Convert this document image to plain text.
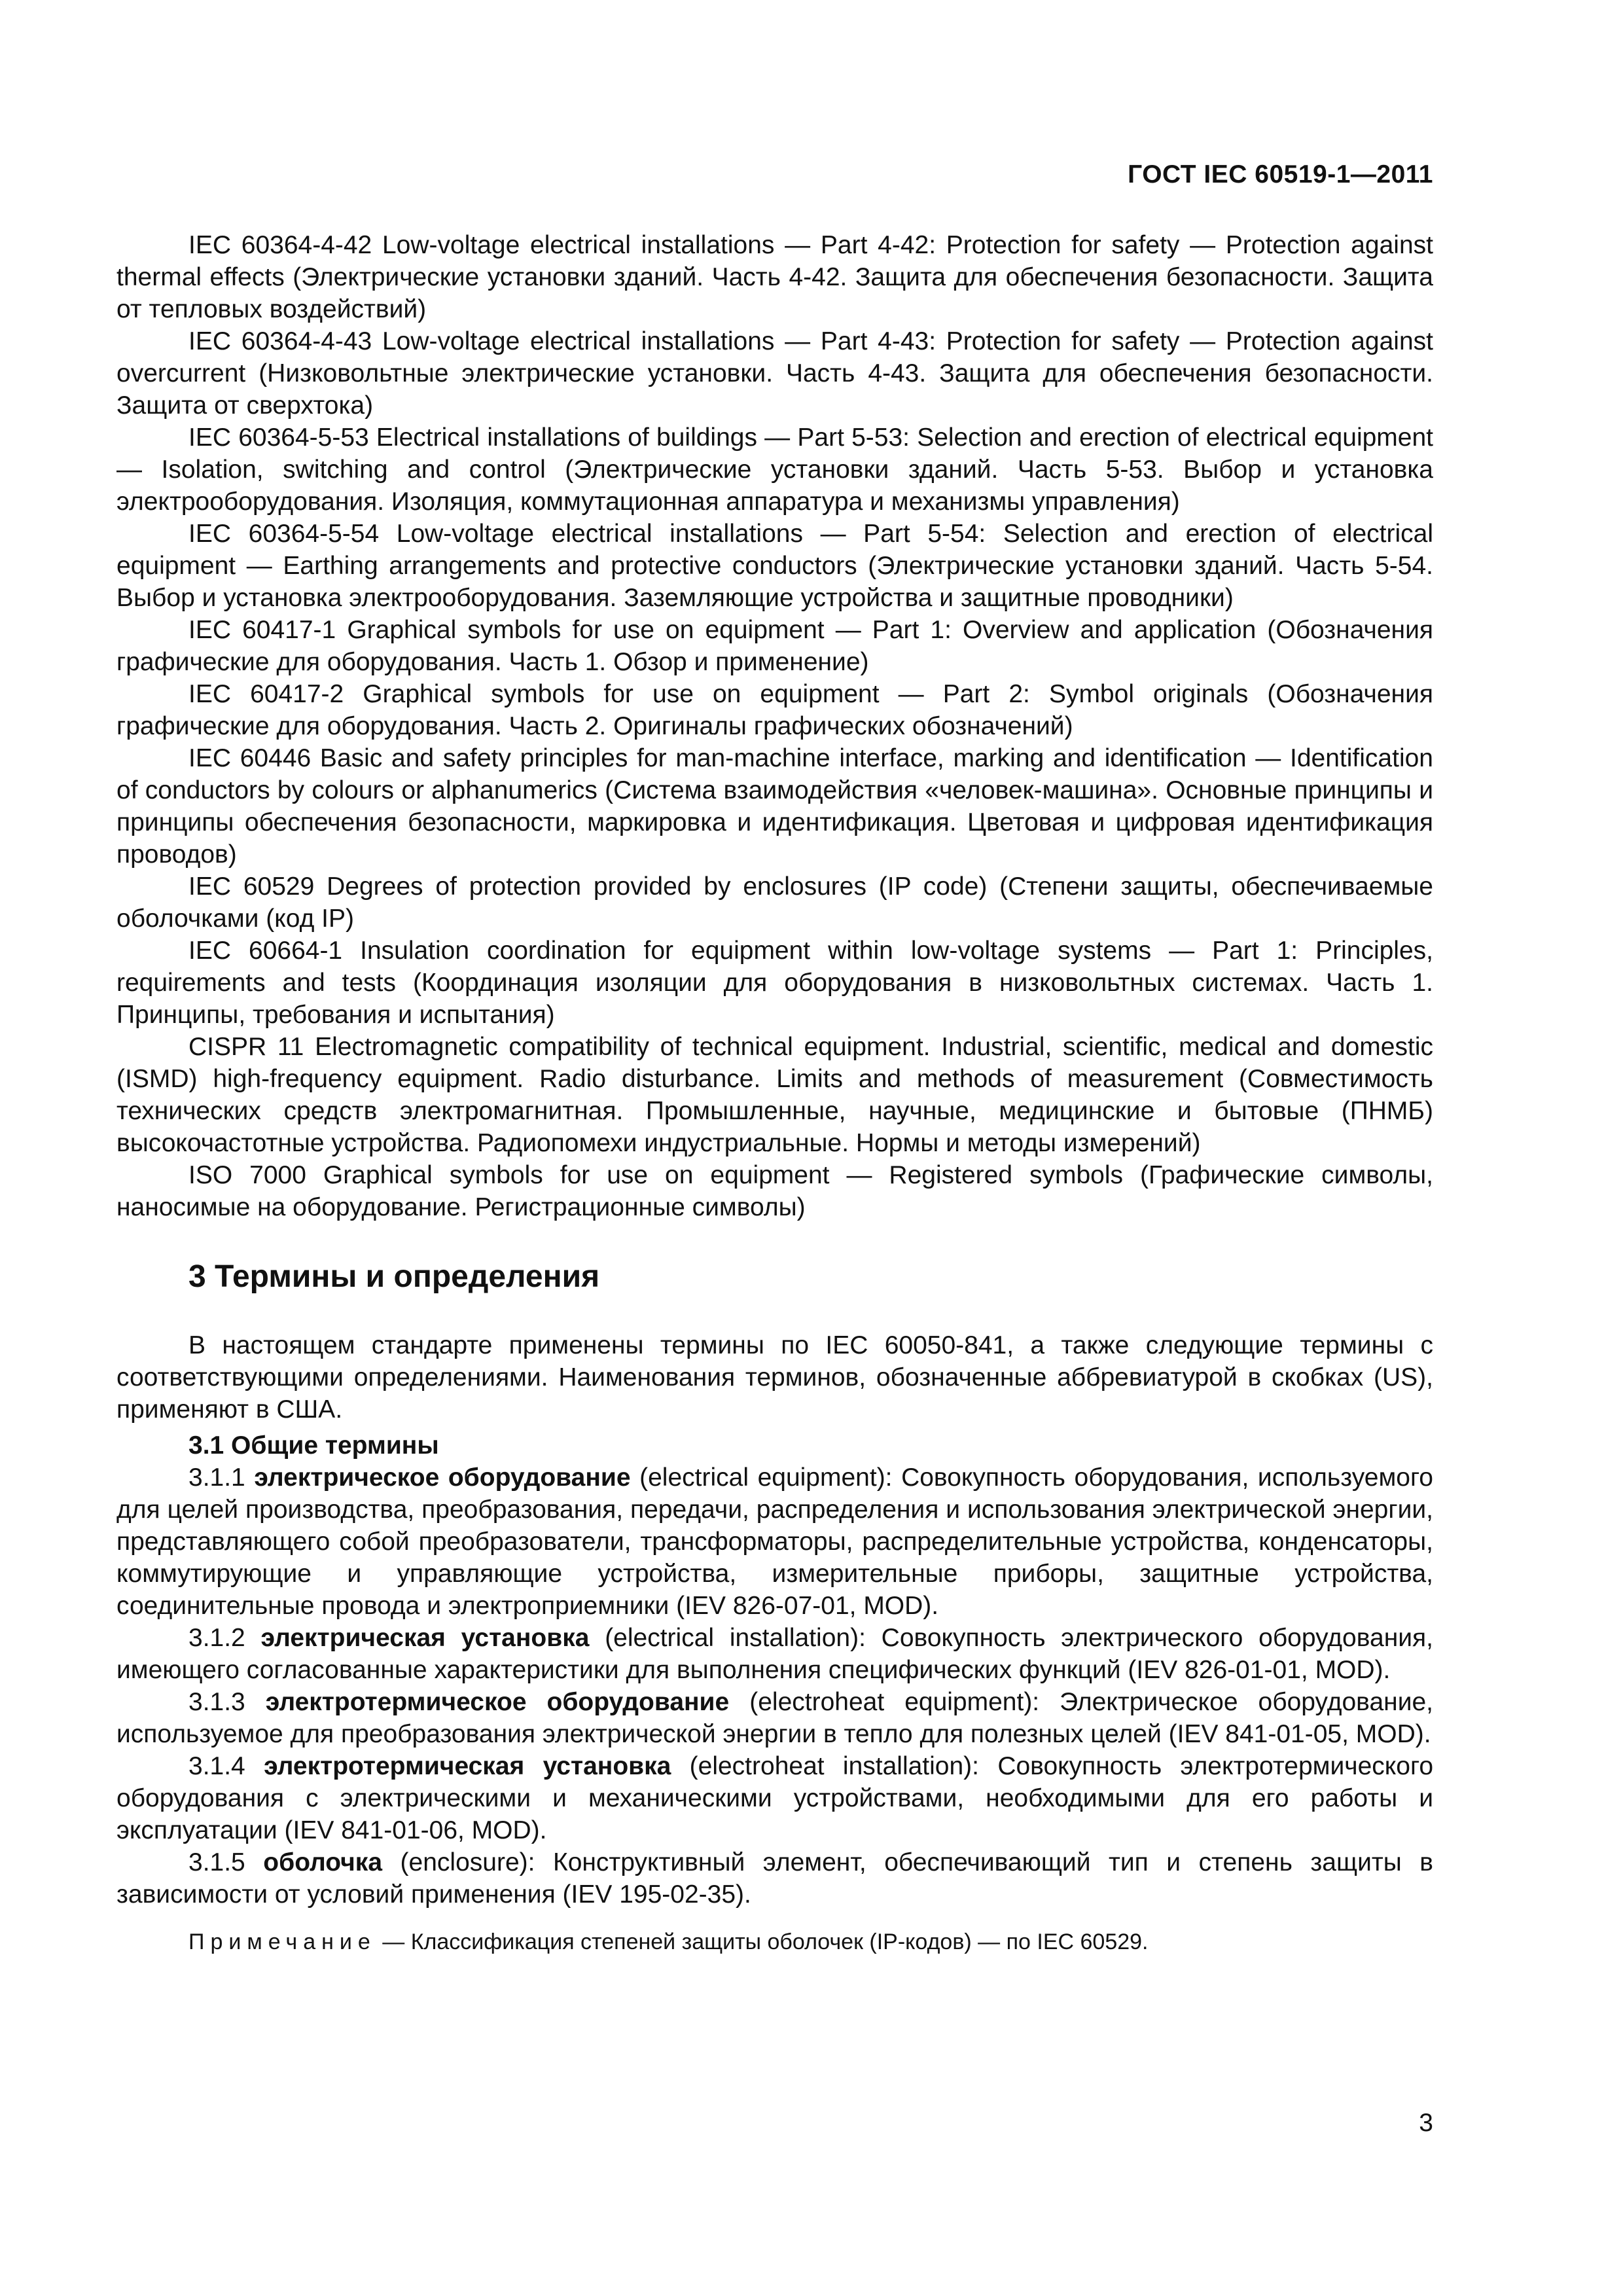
ГОСТ IEC 60519-1—2011

IEC 60364-4-42 Low-voltage electrical installations — Part 4-42: Protection for safety — Protection against thermal effects (Электрические установки зданий. Часть 4-42. Защита для обеспечения безопасности. Защита от тепловых воздействий)

IEC 60364-4-43 Low-voltage electrical installations — Part 4-43: Protection for safety — Protection against overcurrent (Низковольтные электрические установки. Часть 4-43. Защита для обеспечения безопасности. Защита от сверхтока)

IEC 60364-5-53 Electrical installations of buildings — Part 5-53: Selection and erection of electrical equipment — Isolation, switching and control (Электрические установки зданий. Часть 5-53. Выбор и установка электрооборудования. Изоляция, коммутационная аппаратура и механизмы управления)

IEC 60364-5-54 Low-voltage electrical installations — Part 5-54: Selection and erection of electrical equipment — Earthing arrangements and protective conductors (Электрические установки зданий. Часть 5-54. Выбор и установка электрооборудования. Заземляющие устройства и защитные проводники)

IEC 60417-1 Graphical symbols for use on equipment — Part 1: Overview and application (Обозначения графические для оборудования. Часть 1. Обзор и применение)

IEC 60417-2 Graphical symbols for use on equipment — Part 2: Symbol originals (Обозначения графические для оборудования. Часть 2. Оригиналы графических обозначений)

IEC 60446 Basic and safety principles for man-machine interface, marking and identification — Identification of conductors by colours or alphanumerics (Система взаимодействия «человек-машина». Основные принципы и принципы обеспечения безопасности, маркировка и идентификация. Цветовая и цифровая идентификация проводов)

IEC 60529 Degrees of protection provided by enclosures (IP code) (Степени защиты, обеспечиваемые оболочками (код IP)

IEC 60664-1 Insulation coordination for equipment within low-voltage systems — Part 1: Principles, requirements and tests (Координация изоляции для оборудования в низковольтных системах. Часть 1. Принципы, требования и испытания)

CISPR 11 Electromagnetic compatibility of technical equipment. Industrial, scientific, medical and domestic (ISMD) high-frequency equipment. Radio disturbance. Limits and methods of measurement (Совместимость технических средств электромагнитная. Промышленные, научные, медицинские и бытовые (ПНМБ) высокочастотные устройства. Радиопомехи индустриальные. Нормы и методы измерений)

ISO 7000 Graphical symbols for use on equipment — Registered symbols (Графические символы, наносимые на оборудование. Регистрационные символы)

3 Термины и определения

В настоящем стандарте применены термины по IEC 60050-841, а также следующие термины с соответствующими определениями. Наименования терминов, обозначенные аббревиатурой в скобках (US), применяют в США.

3.1 Общие термины

3.1.1 электрическое оборудование (electrical equipment): Совокупность оборудования, используемого для целей производства, преобразования, передачи, распределения и использования электрической энергии, представляющего собой преобразователи, трансформаторы, распределительные устройства, конденсаторы, коммутирующие и управляющие устройства, измерительные приборы, защитные устройства, соединительные провода и электроприемники (IEV 826-07-01, MOD).

3.1.2 электрическая установка (electrical installation): Совокупность электрического оборудования, имеющего согласованные характеристики для выполнения специфических функций (IEV 826-01-01, MOD).

3.1.3 электротермическое оборудование (electroheat equipment): Электрическое оборудование, используемое для преобразования электрической энергии в тепло для полезных целей (IEV 841-01-05, MOD).

3.1.4 электротермическая установка (electroheat installation): Совокупность электротермического оборудования с электрическими и механическими устройствами, необходимыми для его работы и эксплуатации (IEV 841-01-06, MOD).

3.1.5 оболочка (enclosure): Конструктивный элемент, обеспечивающий тип и степень защиты в зависимости от условий применения (IEV 195-02-35).

Примечание — Классификация степеней защиты оболочек (IP-кодов) — по IEC 60529.
3
